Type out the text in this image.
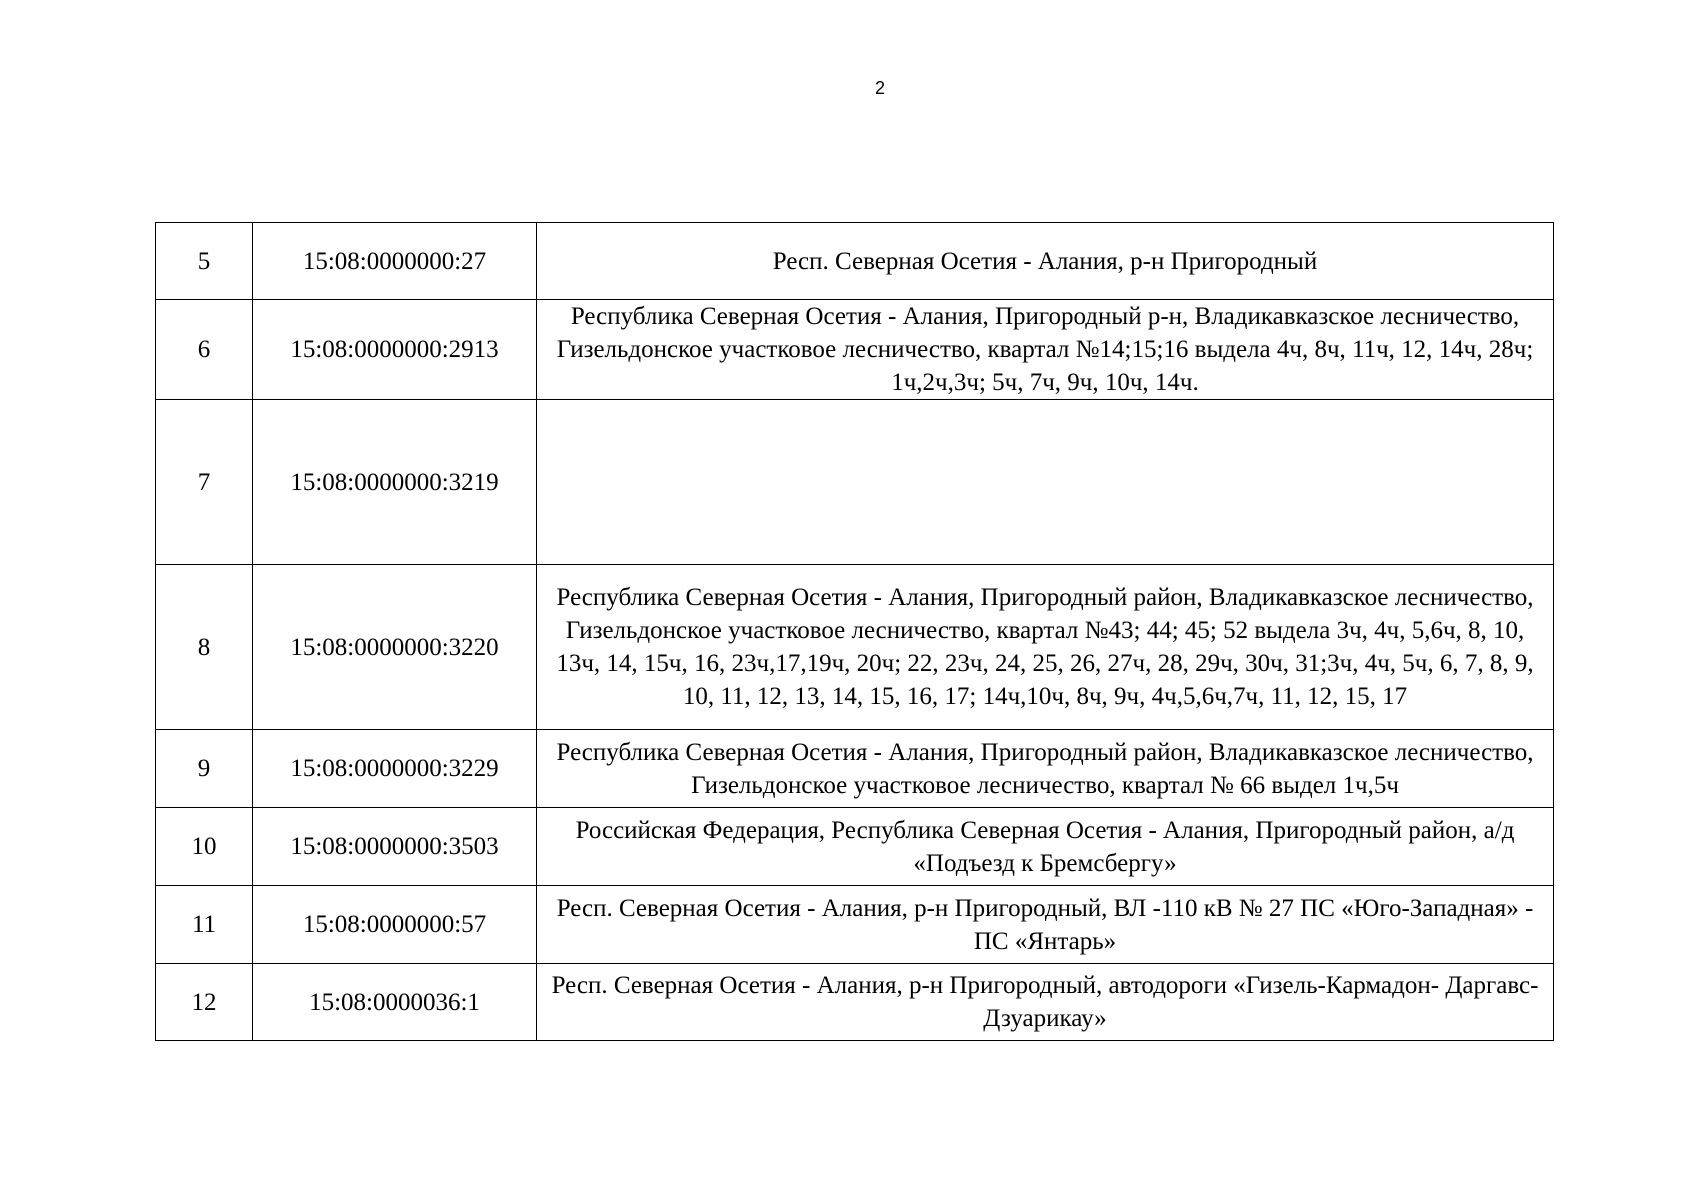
2
5	15:08:0000000:27	Респ. Северная Осетия - Алания, р-н Пригородный
6	15:08:0000000:2913	Республика Северная Осетия - Алания, Пригородный р-н, Владикавказское лесничество, Гизельдонское участковое лесничество, квартал №14;15;16 выдела 4ч, 8ч, 11ч, 12, 14ч, 28ч; 1ч,2ч,3ч; 5ч, 7ч, 9ч, 10ч, 14ч.
7	15:08:0000000:3219	
8	15:08:0000000:3220	Республика Северная Осетия - Алания, Пригородный район, Владикавказское лесничество, Гизельдонское участковое лесничество, квартал №43; 44; 45; 52 выдела 3ч, 4ч, 5,6ч, 8, 10, 13ч, 14, 15ч, 16, 23ч,17,19ч, 20ч; 22, 23ч, 24, 25, 26, 27ч, 28, 29ч, 30ч, 31;3ч, 4ч, 5ч, 6, 7, 8, 9, 10, 11, 12, 13, 14, 15, 16, 17; 14ч,10ч, 8ч, 9ч, 4ч,5,6ч,7ч, 11, 12, 15, 17
9	15:08:0000000:3229	Республика Северная Осетия - Алания, Пригородный район, Владикавказское лесничество, Гизельдонское участковое лесничество, квартал № 66 выдел 1ч,5ч
10	15:08:0000000:3503	Российская Федерация, Республика Северная Осетия - Алания, Пригородный район, а/д «Подъезд к Бремсбергу»
11	15:08:0000000:57	Респ. Северная Осетия - Алания, р-н Пригородный, ВЛ -110 кВ № 27 ПС «Юго-Западная» - ПС «Янтарь»
12	15:08:0000036:1	Респ. Северная Осетия - Алания, р-н Пригородный, автодороги «Гизель-Кармадон- Даргавс-Дзуарикау»
